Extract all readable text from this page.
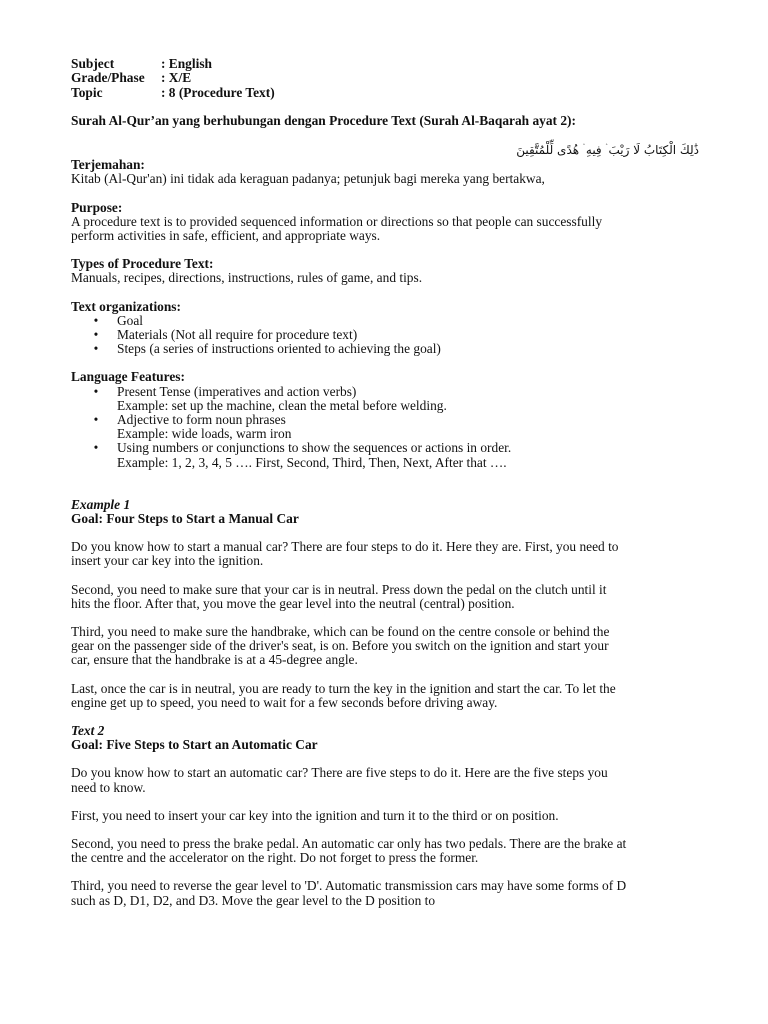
Subject	: English
Grade/Phase	: X/E
Topic	: 8 (Procedure Text)

Surah Al-Qur’an yang berhubungan dengan Procedure Text (Surah Al-Baqarah ayat 2):

ذَٰلِكَ الْكِتَابُ لَا رَيْبَ ۛ فِيهِ ۛ هُدًى لِّلْمُتَّقِينَ

Terjemahan:

Kitab (Al-Qur'an) ini tidak ada keraguan padanya; petunjuk bagi mereka yang bertakwa,

Purpose:

A procedure text is to provided sequenced information or directions so that people can successfully

perform activities in safe, efficient, and appropriate ways.

Types of Procedure Text:

Manuals, recipes, directions, instructions, rules of game, and tips.

Text organizations:

• Goal
• Materials (Not all require for procedure text)
• Steps (a series of instructions oriented to achieving the goal)

Language Features:

• Present Tense (imperatives and action verbs)
Example: set up the machine, clean the metal before welding.
• Adjective to form noun phrases
Example: wide loads, warm iron
• Using numbers or conjunctions to show the sequences or actions in order.
Example: 1, 2, 3, 4, 5 …. First, Second, Third, Then, Next, After that ….

Example 1

Goal: Four Steps to Start a Manual Car

Do you know how to start a manual car? There are four steps to do it. Here they are. First, you need to

insert your car key into the ignition.

Second, you need to make sure that your car is in neutral. Press down the pedal on the clutch until it

hits the floor. After that, you move the gear level into the neutral (central) position.

Third, you need to make sure the handbrake, which can be found on the centre console or behind the

gear on the passenger side of the driver's seat, is on. Before you switch on the ignition and start your

car, ensure that the handbrake is at a 45-degree angle.

Last, once the car is in neutral, you are ready to turn the key in the ignition and start the car. To let the

engine get up to speed, you need to wait for a few seconds before driving away.

Text 2

Goal: Five Steps to Start an Automatic Car

Do you know how to start an automatic car? There are five steps to do it. Here are the five steps you

need to know.

First, you need to insert your car key into the ignition and turn it to the third or on position.

Second, you need to press the brake pedal. An automatic car only has two pedals. There are the brake at

the centre and the accelerator on the right. Do not forget to press the former.

Third, you need to reverse the gear level to 'D'. Automatic transmission cars may have some forms of D

such as D, D1, D2, and D3. Move the gear level to the D position to
